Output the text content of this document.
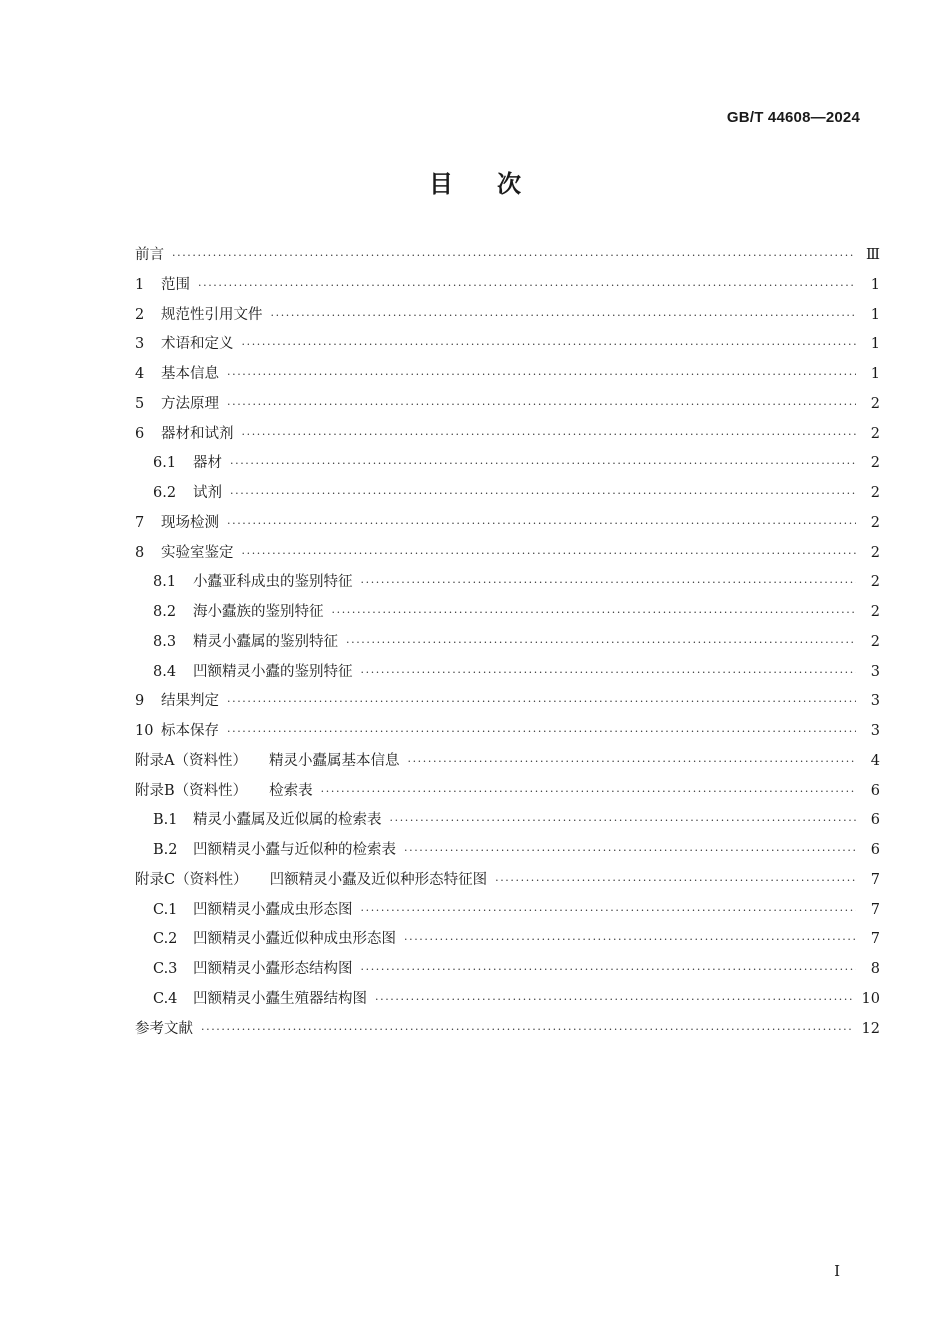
GB/T 44608—2024
目次
前言 ·····	Ⅲ
1	范围 ·····	1
2	规范性引用文件 ·····	1
3	术语和定义 ·····	1
4	基本信息 ·····	1
5	方法原理 ·····	2
6	器材和试剂 ·····	2
6.1	器材 ·····	2
6.2	试剂 ·····	2
7	现场检测 ·····	2
8	实验室鉴定 ·····	2
8.1	小蠹亚科成虫的鉴别特征 ·····	2
8.2	海小蠹族的鉴别特征 ·····	2
8.3	精灵小蠹属的鉴别特征 ·····	2
8.4	凹额精灵小蠹的鉴别特征 ·····	3
9	结果判定 ·····	3
10 标本保存 ·····	3
附录A（资料性） 精灵小蠹属基本信息 ·····	4
附录B（资料性） 检索表 ·····	6
B.1	精灵小蠹属及近似属的检索表 ·····	6
B.2	凹额精灵小蠹与近似种的检索表 ·····	6
附录C（资料性） 凹额精灵小蠹及近似种形态特征图 ·····	7
C.1	凹额精灵小蠹成虫形态图 ·····	7
C.2	凹额精灵小蠹近似种成虫形态图 ·····	7
C.3	凹额精灵小蠹形态结构图 ·····	8
C.4	凹额精灵小蠹生殖器结构图 ·····	10
参考文献 ·····	12
I
